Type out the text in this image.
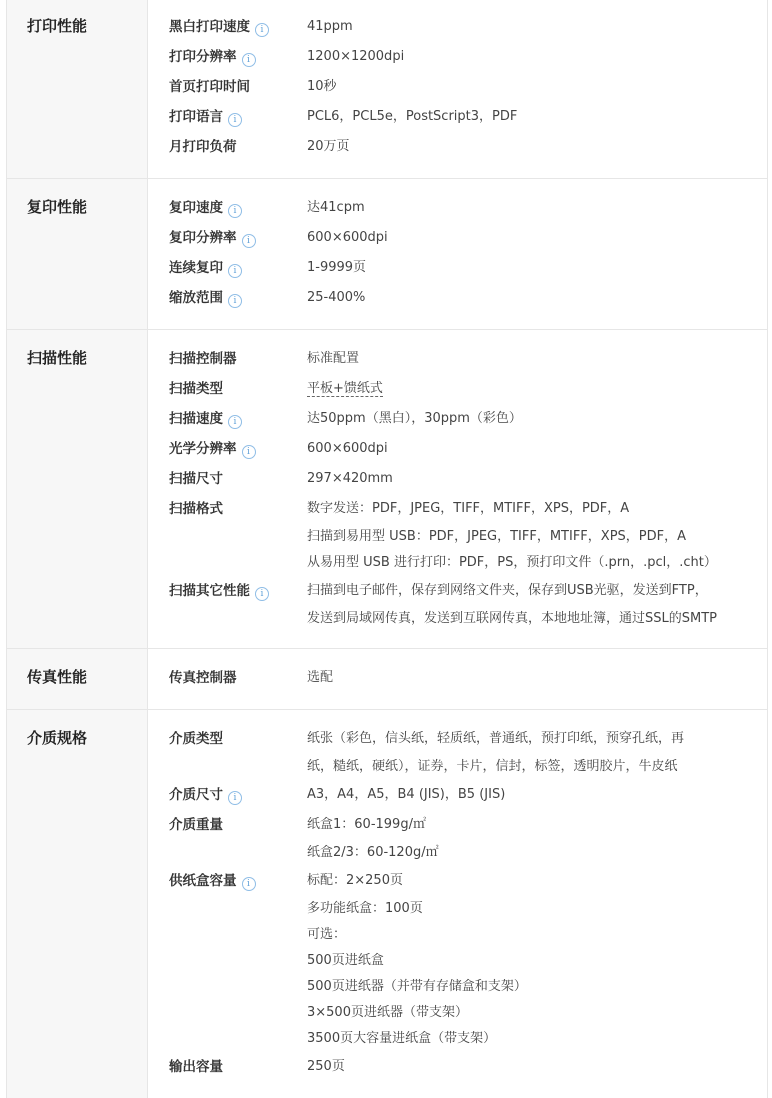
打印性能	黑白打印速度 i	41ppm
打印分辨率 i	1200×1200dpi
首页打印时间	10秒
打印语言 i	PCL6，PCL5e，PostScript3，PDF
月打印负荷	20万页
复印性能	复印速度 i	达41cpm
复印分辨率 i	600×600dpi
连续复印 i	1-9999页
缩放范围 i	25-400%
扫描性能	扫描控制器	标准配置
扫描类型	平板+馈纸式
扫描速度 i	达50ppm（黑白），30ppm（彩色）
光学分辨率 i	600×600dpi
扫描尺寸	297×420mm
扫描格式	数字发送：PDF，JPEG，TIFF，MTIFF，XPS，PDF，A
扫描到易用型 USB：PDF，JPEG，TIFF，MTIFF，XPS，PDF，A
从易用型 USB 进行打印：PDF，PS，预打印文件（.prn，.pcl，.cht）
扫描其它性能 i	扫描到电子邮件，保存到网络文件夹，保存到USB光驱，发送到FTP，
发送到局域网传真，发送到互联网传真，本地地址簿，通过SSL的SMTP
传真性能	传真控制器	选配
介质规格	介质类型	纸张（彩色，信头纸，轻质纸，普通纸，预打印纸，预穿孔纸，再
纸，糙纸，硬纸），证券，卡片，信封，标签，透明胶片，牛皮纸
介质尺寸 i	A3，A4，A5，B4 (JIS)，B5 (JIS)
介质重量	纸盒1：60-199g/㎡
纸盒2/3：60-120g/㎡
供纸盒容量 i	标配：2×250页
多功能纸盒：100页
可选：
500页进纸盒
500页进纸器（并带有存储盒和支架）
3×500页进纸器（带支架）
3500页大容量进纸盒（带支架）
输出容量	250页
